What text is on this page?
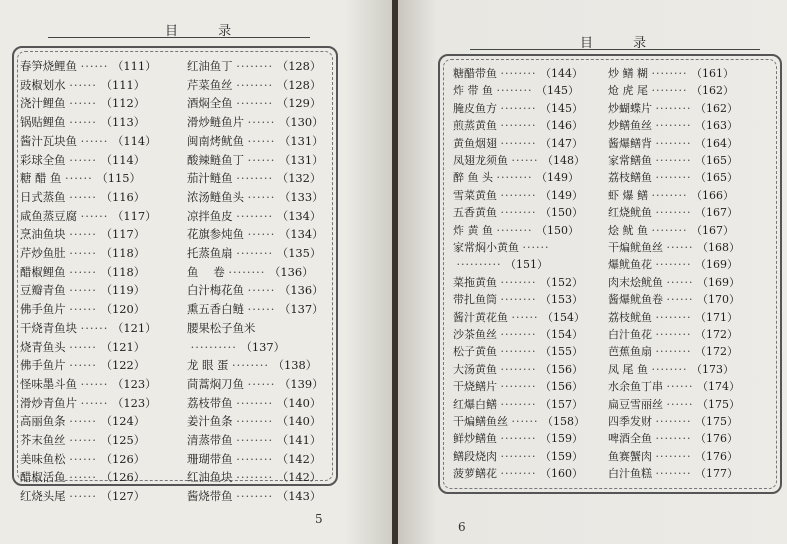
目 录
春笋烧鲤鱼 ······ （111）
豉椒划水 ······ （111）
浇汁鲤鱼 ······ （112）
锅贴鲤鱼 ······ （113）
酱汁瓦块鱼 ······ （114）
彩球全鱼 ······ （114）
糖 醋 鱼 ······ （115）
日式蒸鱼 ······ （116）
咸鱼蒸豆腐 ······ （117）
烹油鱼块 ······ （117）
芹炒鱼肚 ······ （118）
醋椒鲤鱼 ······ （118）
豆瓣青鱼 ······ （119）
佛手鱼片 ······ （120）
干烧青鱼块 ······ （121）
烧青鱼头 ······ （121）
佛手鱼片 ······ （122）
怪味墨斗鱼 ······ （123）
滑炒青鱼片 ······ （123）
高丽鱼条 ······ （124）
芥末鱼丝 ······ （125）
美味鱼松 ······ （126）
醋椒活鱼 ······ （126）
红烧头尾 ······ （127）
红油鱼丁 ········ （128）
芹菜鱼丝 ········ （128）
酒焖全鱼 ········ （129）
滑炒鲢鱼片 ······ （130）
闽南烤鱿鱼 ······ （131）
酸辣鲢鱼丁 ······ （131）
茄汁鲢鱼 ········ （132）
浓汤鲢鱼头 ······ （133）
凉拌鱼皮 ········ （134）
花旗参炖鱼 ······ （134）
托蒸鱼扇 ········ （135）
鱼　 卷 ········ （136）
白汁梅花鱼 ······ （136）
熏五香白鲢 ······ （137）
腰果松子鱼米
·········· （137）
龙 眼 蛋 ········ （138）
茼蒿焖刀鱼 ······ （139）
荔枝带鱼 ········ （140）
姜汁鱼条 ········ （140）
清蒸带鱼 ········ （141）
珊瑚带鱼 ········ （142）
红油鱼块 ········ （142）
酱烧带鱼 ········ （143）
5
目 录
糖醋带鱼 ········ （144）
炸 带 鱼 ········ （145）
腌皮鱼方 ········ （145）
煎蒸黄鱼 ········ （146）
黄鱼烟翅 ········ （147）
凤翅龙须鱼 ······ （148）
醉 鱼 头 ········ （149）
雪菜黄鱼 ········ （149）
五香黄鱼 ········ （150）
炸 黄 鱼 ········ （150）
家常焖小黄鱼 ······
·········· （151）
菜拖黄鱼 ········ （152）
带扎鱼筒 ········ （153）
酱汁黄花鱼 ······ （154）
沙茶鱼丝 ········ （154）
松子黄鱼 ········ （155）
大汤黄鱼 ········ （156）
干烧鳝片 ········ （156）
红爆白鳝 ········ （157）
干煸鳝鱼丝 ······ （158）
鲜炒鳝鱼 ········ （159）
鳝段烧肉 ········ （159）
菠萝鳝花 ········ （160）
炒 鳝 糊 ········ （161）
炝 虎 尾 ········ （162）
炒蝴蝶片 ········ （162）
炒鳝鱼丝 ········ （163）
酱爆鳝背 ········ （164）
家常鳝鱼 ········ （165）
荔枝鳝鱼 ········ （165）
虾 爆 鳝 ········ （166）
红烧鱿鱼 ········ （167）
烩 鱿 鱼 ········ （167）
干煸鱿鱼丝 ······ （168）
爆鱿鱼花 ········ （169）
肉末烩鱿鱼 ······ （169）
酱爆鱿鱼卷 ······ （170）
荔枝鱿鱼 ········ （171）
白汁鱼花 ········ （172）
芭蕉鱼扇 ········ （172）
凤 尾 鱼 ········ （173）
水余鱼丁串 ······ （174）
扁豆雪丽丝 ······ （175）
四季发财 ········ （175）
啤酒全鱼 ········ （176）
鱼赛蟹肉 ········ （176）
白汁鱼糕 ········ （177）
6
